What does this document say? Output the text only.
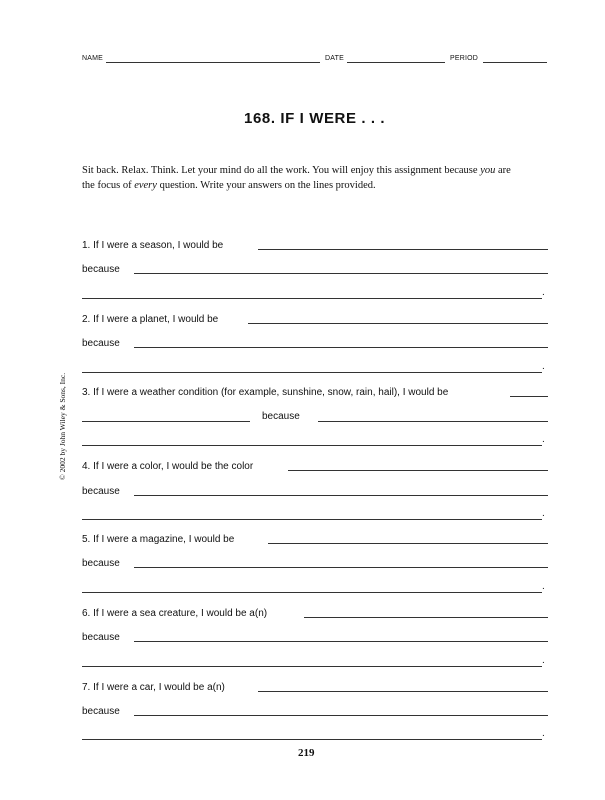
NAME	DATE	PERIOD
168. IF I WERE . . .
Sit back. Relax. Think. Let your mind do all the work. You will enjoy this assignment because you are the focus of every question. Write your answers on the lines provided.
© 2002 by John Wiley & Sons, Inc.
1. If I were a season, I would be
because
.
2. If I were a planet, I would be
because
.
3. If I were a weather condition (for example, sunshine, snow, rain, hail), I would be
because
.
4. If I were a color, I would be the color
because
.
5. If I were a magazine, I would be
because
.
6. If I were a sea creature, I would be a(n)
because
.
7. If I were a car, I would be a(n)
because
.
219
